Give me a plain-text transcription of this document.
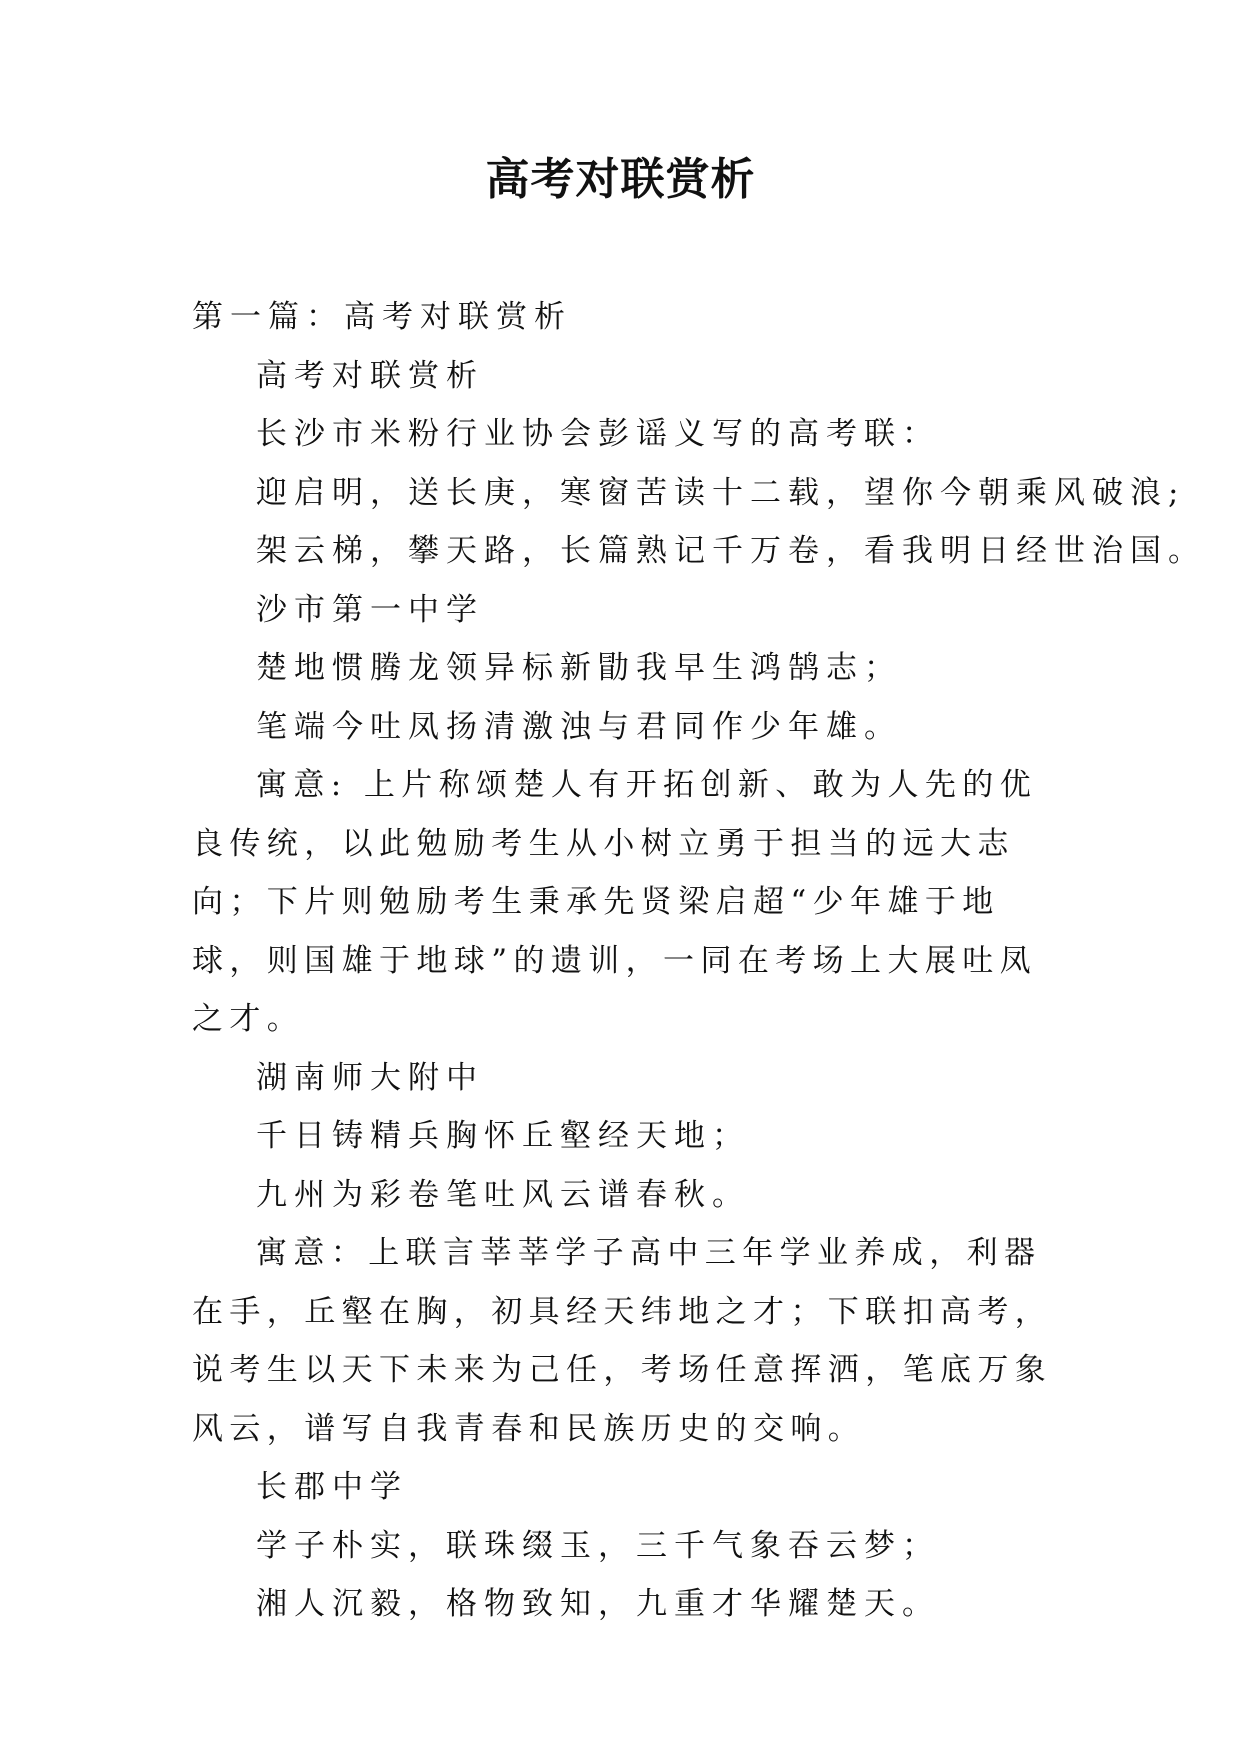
高考对联赏析

第一篇：高考对联赏析

高考对联赏析

长沙市米粉行业协会彭谣义写的高考联：

迎启明，送长庚，寒窗苦读十二载，望你今朝乘风破浪;

架云梯，攀天路，长篇熟记千万卷，看我明日经世治国。

沙市第一中学

楚地惯腾龙领异标新勖我早生鸿鹄志；

笔端今吐凤扬清激浊与君同作少年雄。

寓意: 上片称颂楚人有开拓创新、敢为人先的优良传统，以此勉励考生从小树立勇于担当的远大志向；下片则勉励考生秉承先贤梁启超“少年雄于地球，则国雄于地球”的遗训，一同在考场上大展吐凤之才。

湖南师大附中

千日铸精兵胸怀丘壑经天地；

九州为彩卷笔吐风云谱春秋。

寓意：上联言莘莘学子高中三年学业养成，利器在手，丘壑在胸，初具经天纬地之才；下联扣高考，说考生以天下未来为己任，考场任意挥洒，笔底万象风云，谱写自我青春和民族历史的交响。

长郡中学

学子朴实，联珠缀玉，三千气象吞云梦；

湘人沉毅，格物致知，九重才华耀楚天。
